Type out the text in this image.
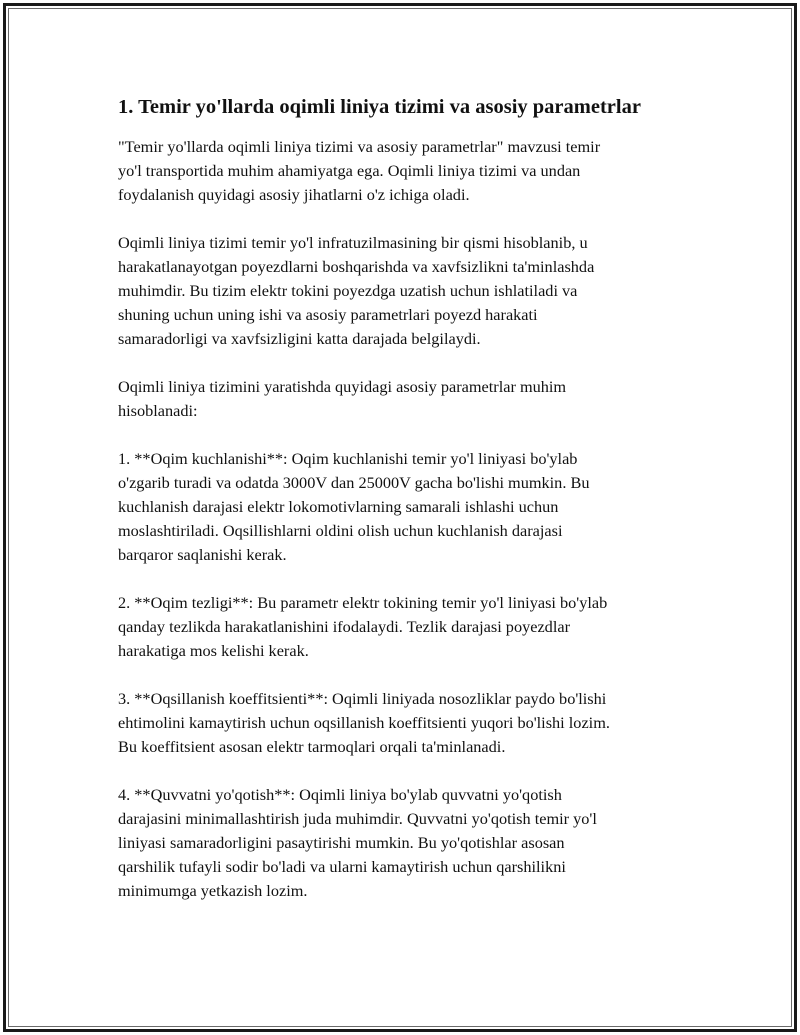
1. Temir yo'llarda oqimli liniya tizimi va asosiy parametrlar

"Temir yo'llarda oqimli liniya tizimi va asosiy parametrlar" mavzusi temir
yo'l transportida muhim ahamiyatga ega. Oqimli liniya tizimi va undan
foydalanish quyidagi asosiy jihatlarni o'z ichiga oladi.

Oqimli liniya tizimi temir yo'l infratuzilmasining bir qismi hisoblanib, u
harakatlanayotgan poyezdlarni boshqarishda va xavfsizlikni ta'minlashda
muhimdir. Bu tizim elektr tokini poyezdga uzatish uchun ishlatiladi va
shuning uchun uning ishi va asosiy parametrlari poyezd harakati
samaradorligi va xavfsizligini katta darajada belgilaydi.

Oqimli liniya tizimini yaratishda quyidagi asosiy parametrlar muhim
hisoblanadi:

1. **Oqim kuchlanishi**: Oqim kuchlanishi temir yo'l liniyasi bo'ylab
o'zgarib turadi va odatda 3000V dan 25000V gacha bo'lishi mumkin. Bu
kuchlanish darajasi elektr lokomotivlarning samarali ishlashi uchun
moslashtiriladi. Oqsillishlarni oldini olish uchun kuchlanish darajasi
barqaror saqlanishi kerak.

2. **Oqim tezligi**: Bu parametr elektr tokining temir yo'l liniyasi bo'ylab
qanday tezlikda harakatlanishini ifodalaydi. Tezlik darajasi poyezdlar
harakatiga mos kelishi kerak.

3. **Oqsillanish koeffitsienti**: Oqimli liniyada nosozliklar paydo bo'lishi
ehtimolini kamaytirish uchun oqsillanish koeffitsienti yuqori bo'lishi lozim.
Bu koeffitsient asosan elektr tarmoqlari orqali ta'minlanadi.

4. **Quvvatni yo'qotish**: Oqimli liniya bo'ylab quvvatni yo'qotish
darajasini minimallashtirish juda muhimdir. Quvvatni yo'qotish temir yo'l
liniyasi samaradorligini pasaytirishi mumkin. Bu yo'qotishlar asosan
qarshilik tufayli sodir bo'ladi va ularni kamaytirish uchun qarshilikni
minimumga yetkazish lozim.
